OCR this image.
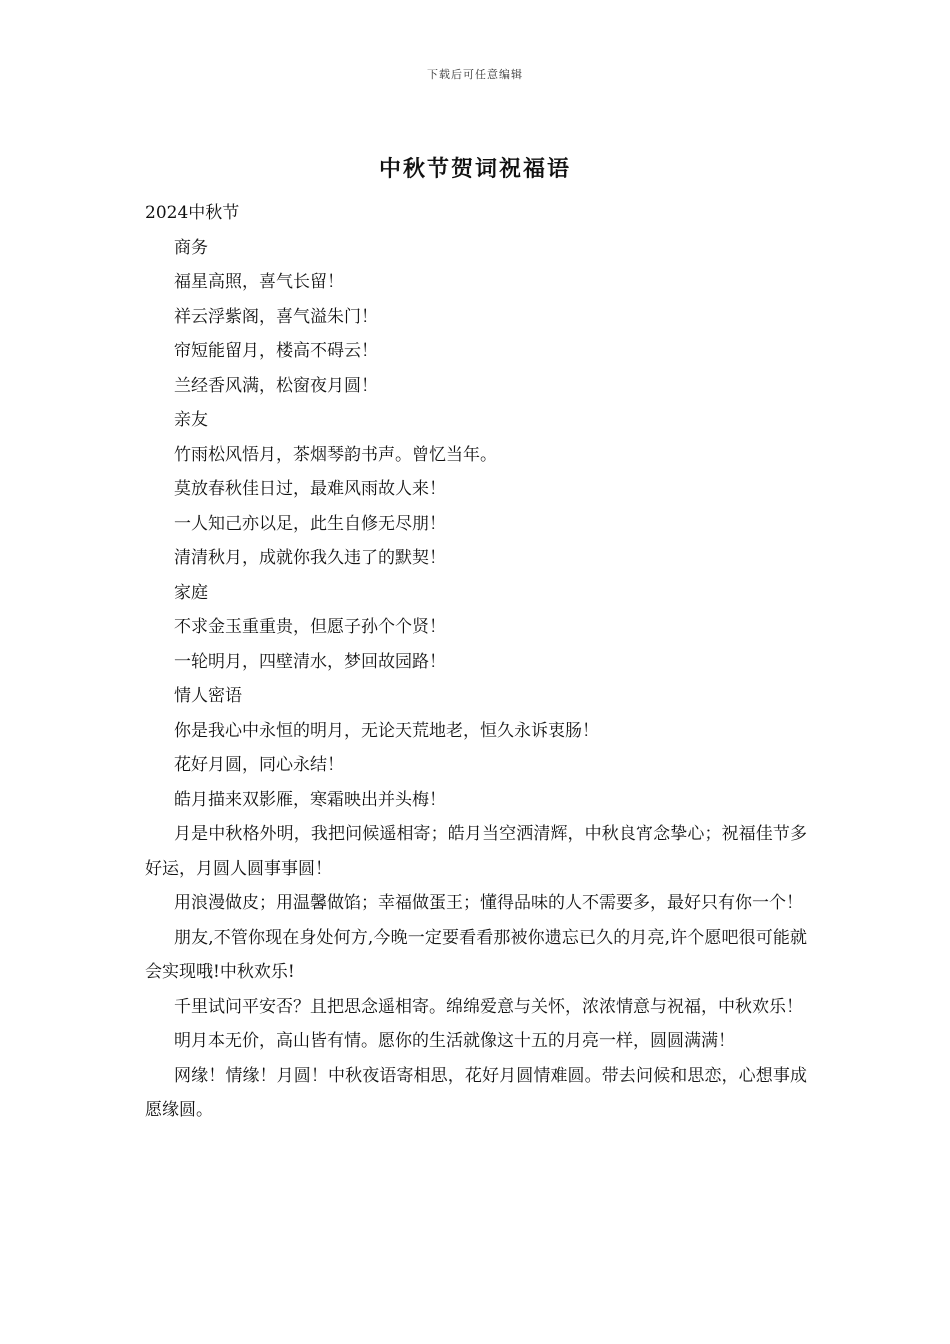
下载后可任意编辑
中秋节贺词祝福语
2024中秋节
商务
福星高照，喜气长留！
祥云浮紫阁，喜气溢朱门！
帘短能留月，楼高不碍云！
兰经香风满，松窗夜月圆！
亲友
竹雨松风悟月，茶烟琴韵书声。曾忆当年。
莫放春秋佳日过，最难风雨故人来！
一人知己亦以足，此生自修无尽朋！
清清秋月，成就你我久违了的默契！
家庭
不求金玉重重贵，但愿子孙个个贤！
一轮明月，四壁清水，梦回故园路！
情人密语
你是我心中永恒的明月，无论天荒地老，恒久永诉衷肠！
花好月圆，同心永结！
皓月描来双影雁，寒霜映出并头梅！
月是中秋格外明，我把问候遥相寄；皓月当空洒清辉，中秋良宵念挚心；祝福佳节多好运，月圆人圆事事圆！
用浪漫做皮；用温馨做馅；幸福做蛋王；懂得品味的人不需要多，最好只有你一个！
朋友,不管你现在身处何方,今晚一定要看看那被你遗忘已久的月亮,许个愿吧很可能就会实现哦!中秋欢乐!
千里试问平安否？且把思念遥相寄。绵绵爱意与关怀，浓浓情意与祝福，中秋欢乐！
明月本无价，高山皆有情。愿你的生活就像这十五的月亮一样，圆圆满满！
网缘！情缘！月圆！中秋夜语寄相思，花好月圆情难圆。带去问候和思恋，心想事成愿缘圆。
